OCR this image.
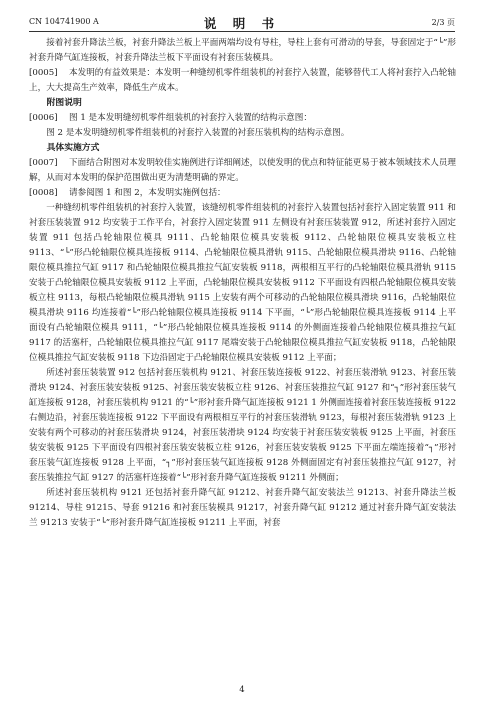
CN 104741900 A	说 明 书	2/3 页

接着衬套升降法兰板，衬套升降法兰板上平面两端均设有导柱，导柱上套有可滑动的导套，导套固定于“└”形衬套升降气缸连接板，衬套升降法兰板下平面设有衬套压装模具。

[0005] 本发明的有益效果是：本发明一种缝纫机零件组装机的衬套拧入装置，能够替代工人将衬套拧入凸轮轴上，大大提高生产效率，降低生产成本。

附图说明

[0006] 图 1 是本发明缝纫机零件组装机的衬套拧入装置的结构示意图：

图 2 是本发明缝纫机零件组装机的衬套拧入装置的衬套压装机构的结构示意图。

具体实施方式

[0007] 下面结合附图对本发明较佳实施例进行详细阐述，以使发明的优点和特征能更易于被本领域技术人员理解，从而对本发明的保护范围做出更为清楚明确的界定。

[0008] 请参阅图 1 和图 2，本发明实施例包括：

一种缝纫机零件组装机的衬套拧入装置，该缝纫机零件组装机的衬套拧入装置包括衬套拧入固定装置 911 和衬套压装装置 912 均安装于工作平台，衬套拧入固定装置 911 左侧设有衬套压装装置 912，所述衬套拧入固定装置 911 包括凸轮轴限位模具 9111、凸轮轴限位模具安装板 9112、凸轮轴限位模具安装板立柱 9113、“└”形凸轮轴限位模具连接板 9114、凸轮轴限位模具滑轨 9115、凸轮轴限位模具滑块 9116、凸轮轴限位模具推拉气缸 9117 和凸轮轴限位模具推拉气缸安装板 9118，两根相互平行的凸轮轴限位模具滑轨 9115 安装于凸轮轴限位模具安装板 9112 上平面，凸轮轴限位模具安装板 9112 下平面设有四根凸轮轴限位模具安装板立柱 9113，每根凸轮轴限位模具滑轨 9115 上安装有两个可移动的凸轮轴限位模具滑块 9116，凸轮轴限位模具滑块 9116 均连接着“└”形凸轮轴限位模具连接板 9114 下平面，“└”形凸轮轴限位模具连接板 9114 上平面设有凸轮轴限位模具 9111，“└”形凸轮轴限位模具连接板 9114 的外侧面连接着凸轮轴限位模具推拉气缸 9117 的活塞杆，凸轮轴限位模具推拉气缸 9117 尾端安装于凸轮轴限位模具推拉气缸安装板 9118，凸轮轴限位模具推拉气缸安装板 9118 下边沿固定于凸轮轴限位模具安装板 9112 上平面；

所述衬套压装装置 912 包括衬套压装机构 9121、衬套压装连接板 9122、衬套压装滑轨 9123、衬套压装滑块 9124、衬套压装安装板 9125、衬套压装安装板立柱 9126、衬套压装推拉气缸 9127 和“┐”形衬套压装气缸连接板 9128，衬套压装机构 9121 的“└”形衬套升降气缸连接板 9121 1 外侧面连接着衬套压装连接板 9122 右侧边沿，衬套压装连接板 9122 下平面设有两根相互平行的衬套压装滑轨 9123，每根衬套压装滑轨 9123 上安装有两个可移动的衬套压装滑块 9124，衬套压装滑块 9124 均安装于衬套压装安装板 9125 上平面，衬套压装安装板 9125 下平面设有四根衬套压装安装板立柱 9126，衬套压装安装板 9125 下平面左端连接着“┐”形衬套压装气缸连接板 9128 上平面，“┐”形衬套压装气缸连接板 9128 外侧面固定有衬套压装推拉气缸 9127，衬套压装推拉气缸 9127 的活塞杆连接着“└”形衬套升降气缸连接板 91211 外侧面；

所述衬套压装机构 9121 还包括衬套升降气缸 91212、衬套升降气缸安装法兰 91213、衬套升降法兰板 91214、导柱 91215、导套 91216 和衬套压装模具 91217，衬套升降气缸 91212 通过衬套升降气缸安装法兰 91213 安装于“└”形衬套升降气缸连接板 91211 上平面，衬套

4
